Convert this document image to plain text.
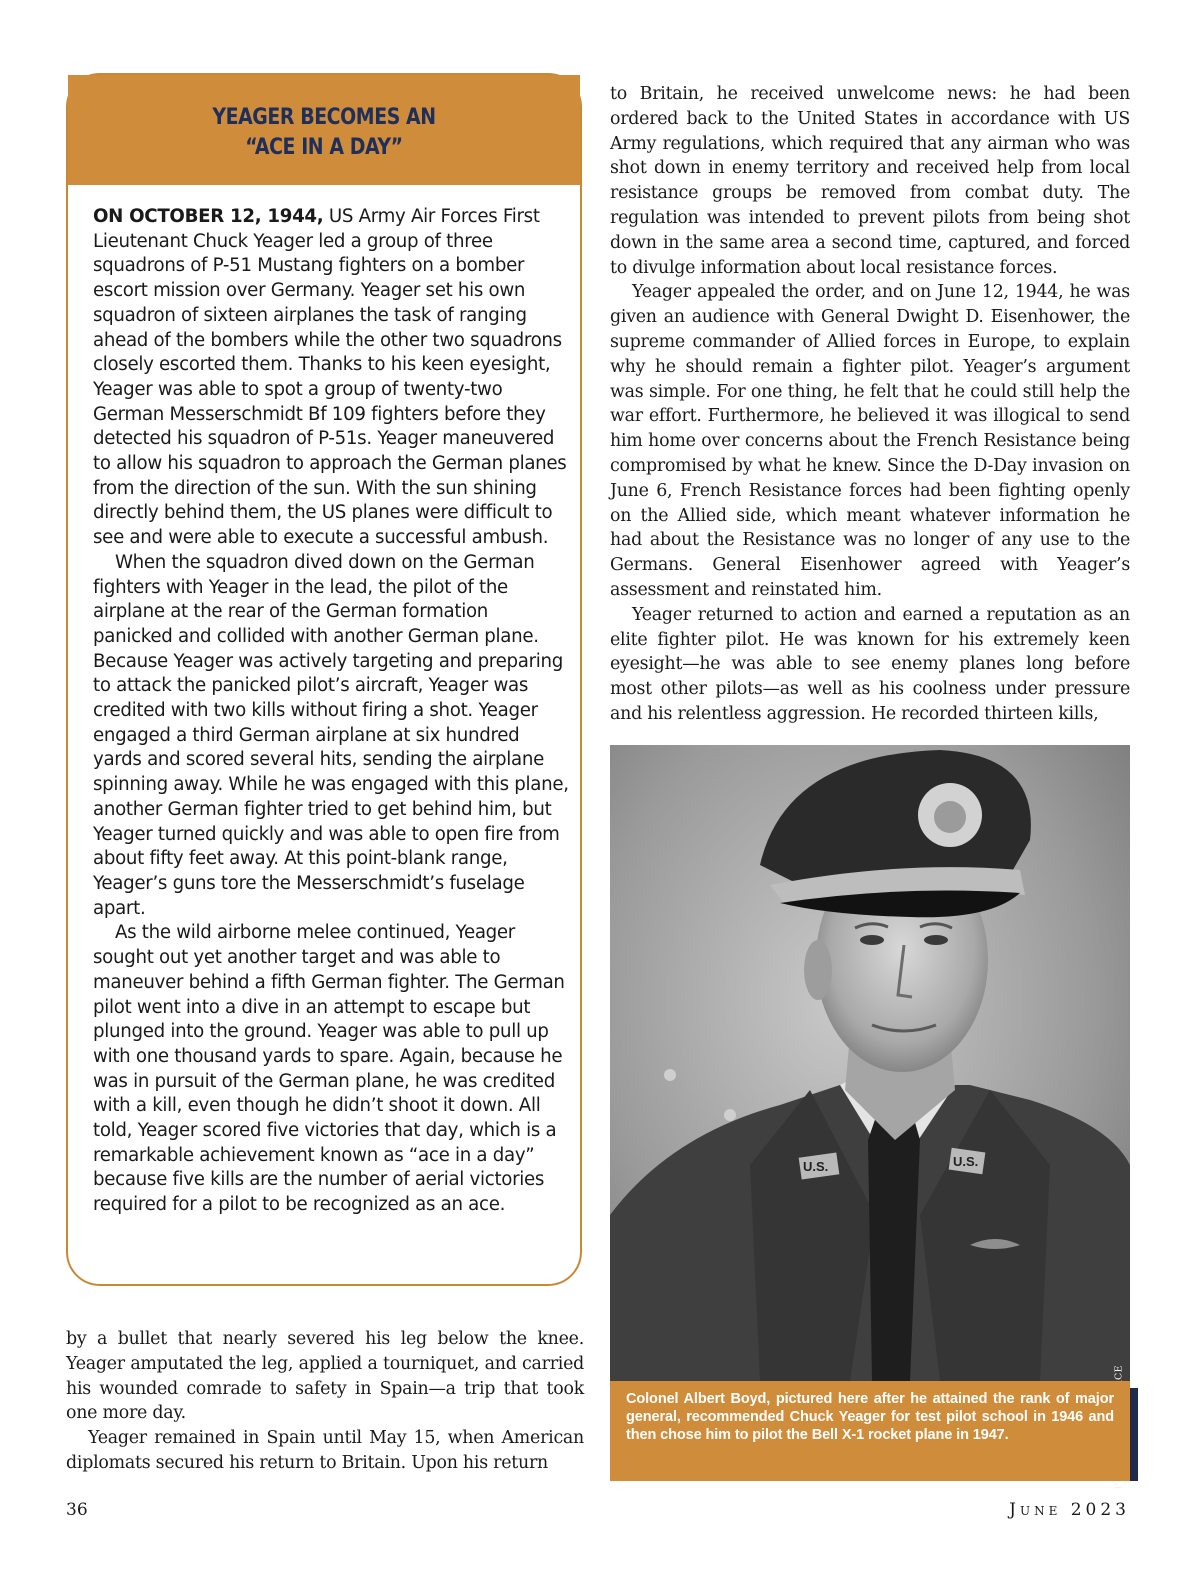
YEAGER BECOMES AN
“ACE IN A DAY”

ON OCTOBER 12, 1944, US Army Air Forces First Lieutenant Chuck Yeager led a group of three squadrons of P-51 Mustang fighters on a bomber escort mission over Germany. Yeager set his own squadron of sixteen airplanes the task of ranging ahead of the bombers while the other two squadrons closely escorted them. Thanks to his keen eyesight, Yeager was able to spot a group of twenty-two German Messerschmidt Bf 109 fighters before they detected his squadron of P-51s. Yeager maneuvered to allow his squadron to approach the German planes from the direction of the sun. With the sun shining directly behind them, the US planes were difficult to see and were able to execute a successful ambush.

When the squadron dived down on the German fighters with Yeager in the lead, the pilot of the airplane at the rear of the German formation panicked and collided with another German plane. Because Yeager was actively targeting and preparing to attack the panicked pilot’s aircraft, Yeager was credited with two kills without firing a shot. Yeager engaged a third German airplane at six hundred yards and scored several hits, sending the airplane spinning away. While he was engaged with this plane, another German fighter tried to get behind him, but Yeager turned quickly and was able to open fire from about fifty feet away. At this point-blank range, Yeager’s guns tore the Messerschmidt’s fuselage apart.

As the wild airborne melee continued, Yeager sought out yet another target and was able to maneuver behind a fifth German fighter. The German pilot went into a dive in an attempt to escape but plunged into the ground. Yeager was able to pull up with one thousand yards to spare. Again, because he was in pursuit of the German plane, he was credited with a kill, even though he didn’t shoot it down. All told, Yeager scored five victories that day, which is a remarkable achievement known as “ace in a day” because five kills are the number of aerial victories required for a pilot to be recognized as an ace.

to Britain, he received unwelcome news: he had been ordered back to the United States in accordance with US Army regulations, which required that any airman who was shot down in enemy territory and received help from local resistance groups be removed from combat duty. The regulation was intended to prevent pilots from being shot down in the same area a second time, captured, and forced to divulge information about local resistance forces.

Yeager appealed the order, and on June 12, 1944, he was given an audience with General Dwight D. Eisenhower, the supreme commander of Allied forces in Europe, to explain why he should remain a fighter pilot. Yeager’s argument was simple. For one thing, he felt that he could still help the war effort. Furthermore, he believed it was illogical to send him home over concerns about the French Resistance being compromised by what he knew. Since the D-Day invasion on June 6, French Resistance forces had been fighting openly on the Allied side, which meant whatever information he had about the Resistance was no longer of any use to the Germans. General Eisenhower agreed with Yeager’s assessment and reinstated him.

Yeager returned to action and earned a reputation as an elite fighter pilot. He was known for his extremely keen eyesight—he was able to see enemy planes long before most other pilots—as well as his coolness under pressure and his relentless aggression. He recorded thirteen kills,

by a bullet that nearly severed his leg below the knee. Yeager amputated the leg, applied a tourniquet, and carried his wounded comrade to safety in Spain—a trip that took one more day.

Yeager remained in Spain until May 15, when American diplomats secured his return to Britain. Upon his return

U.S.	U.S.
Colonel Albert Boyd, pictured here after he attained the rank of major general, recommended Chuck Yeager for test pilot school in 1946 and then chose him to pilot the Bell X-1 rocket plane in 1947.
36	June 2023
